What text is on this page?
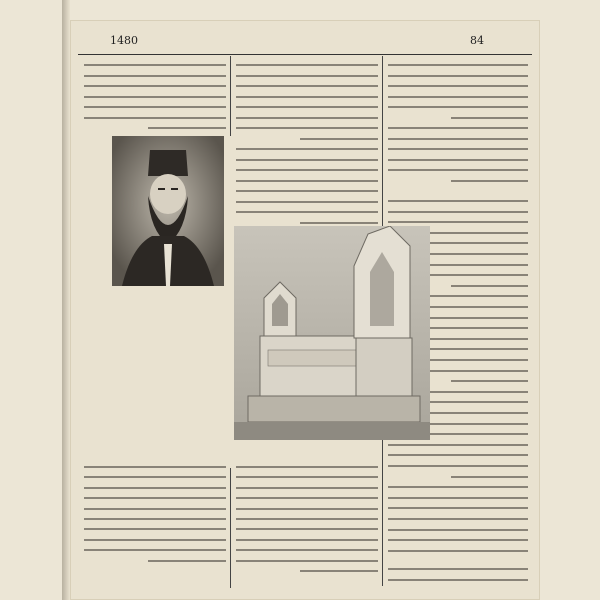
84
1480
